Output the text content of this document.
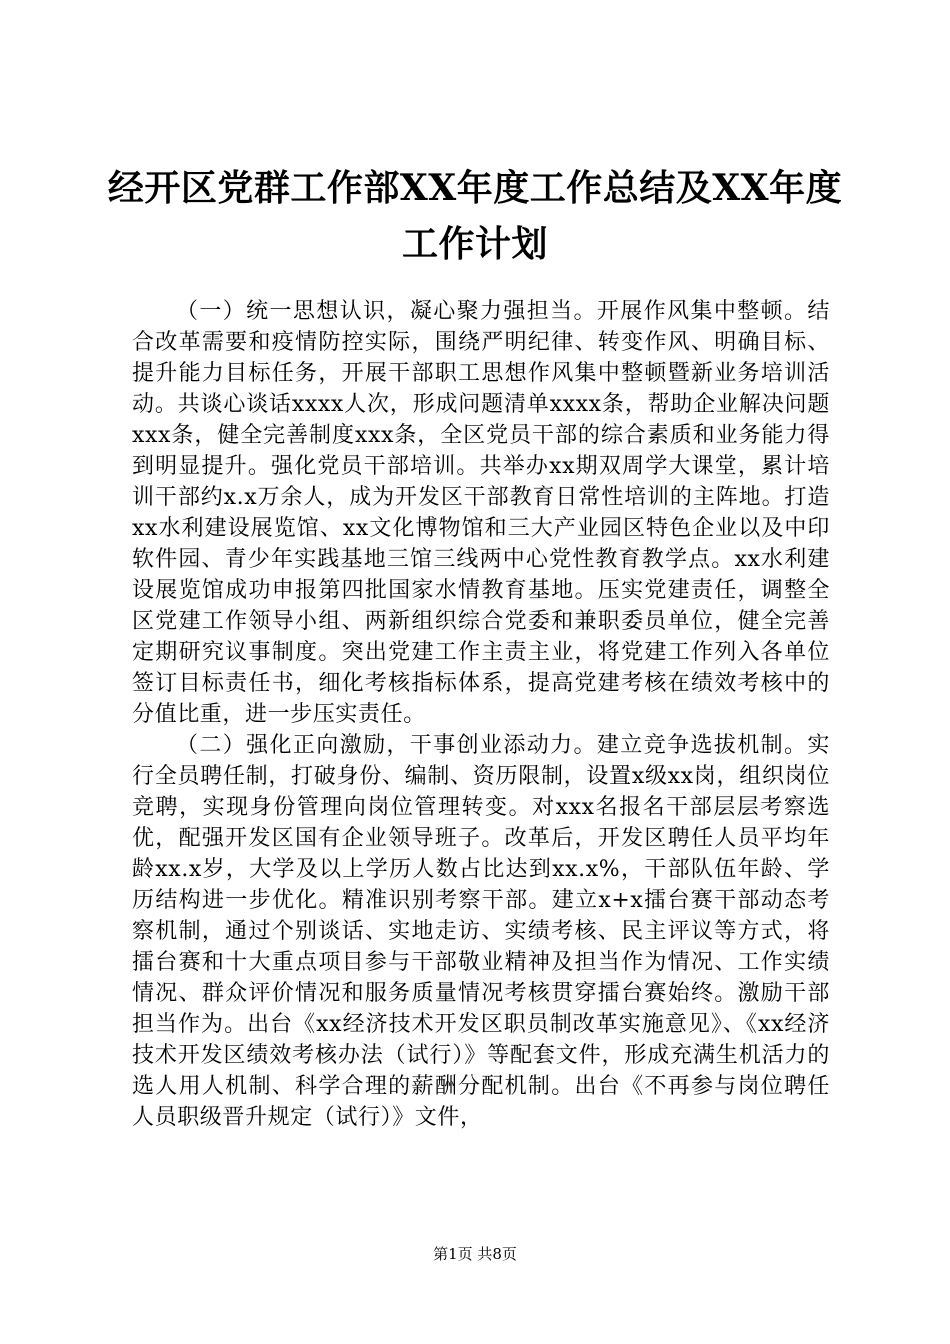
经开区党群工作部XX年度工作总结及XX年度工作计划

（一）统一思想认识，凝心聚力强担当。开展作风集中整顿。结合改革需要和疫情防控实际，围绕严明纪律、转变作风、明确目标、提升能力目标任务，开展干部职工思想作风集中整顿暨新业务培训活动。共谈心谈话xxxx人次，形成问题清单xxxx条，帮助企业解决问题xxx条，健全完善制度xxx条，全区党员干部的综合素质和业务能力得到明显提升。强化党员干部培训。共举办xx期双周学大课堂，累计培训干部约x.x万余人，成为开发区干部教育日常性培训的主阵地。打造xx水利建设展览馆、xx文化博物馆和三大产业园区特色企业以及中印软件园、青少年实践基地三馆三线两中心党性教育教学点。xx水利建设展览馆成功申报第四批国家水情教育基地。压实党建责任，调整全区党建工作领导小组、两新组织综合党委和兼职委员单位，健全完善定期研究议事制度。突出党建工作主责主业，将党建工作列入各单位签订目标责任书，细化考核指标体系，提高党建考核在绩效考核中的分值比重，进一步压实责任。

（二）强化正向激励，干事创业添动力。建立竞争选拔机制。实行全员聘任制，打破身份、编制、资历限制，设置x级xx岗，组织岗位竞聘，实现身份管理向岗位管理转变。对xxx名报名干部层层考察选优，配强开发区国有企业领导班子。改革后，开发区聘任人员平均年龄xx.x岁，大学及以上学历人数占比达到xx.x%，干部队伍年龄、学历结构进一步优化。精准识别考察干部。建立x+x擂台赛干部动态考察机制，通过个别谈话、实地走访、实绩考核、民主评议等方式，将擂台赛和十大重点项目参与干部敬业精神及担当作为情况、工作实绩情况、群众评价情况和服务质量情况考核贯穿擂台赛始终。激励干部担当作为。出台《xx经济技术开发区职员制改革实施意见》、《xx经济技术开发区绩效考核办法（试行）》等配套文件，形成充满生机活力的选人用人机制、科学合理的薪酬分配机制。出台《不再参与岗位聘任人员职级晋升规定（试行）》文件，

第1页 共8页
